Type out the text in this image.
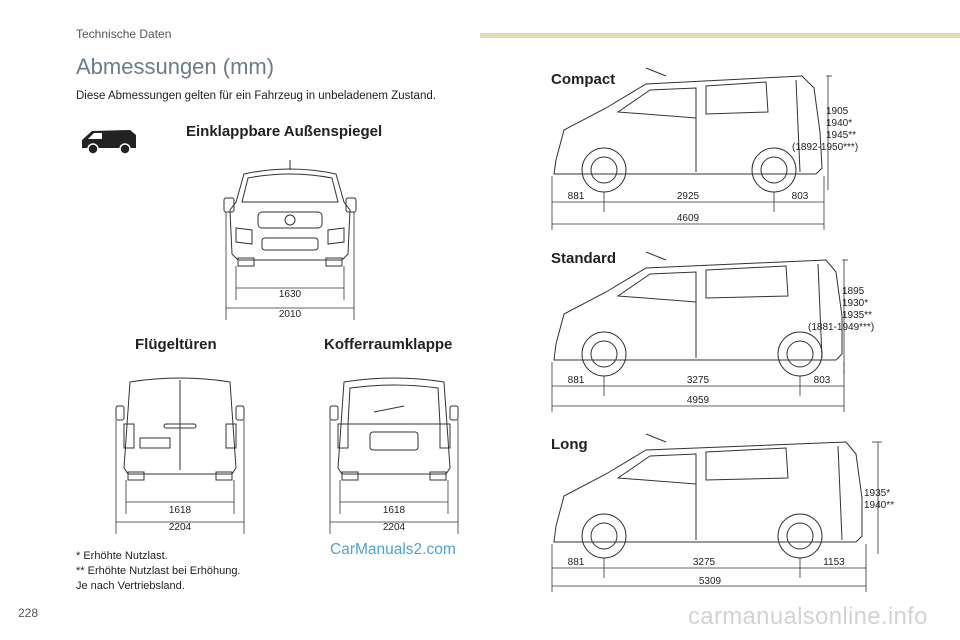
Technische Daten
Abmessungen (mm)
Diese Abmessungen gelten für ein Fahrzeug in unbeladenem Zustand.
Einklappbare Außenspiegel
1630
2010
Flügeltüren	Kofferraumklappe
1618
2204
1618
2204
Compact
881	2925	803
4609
1905
1940*
1945**
(1892-1950***)
Standard
881	3275	803
4959
1895
1930*
1935**
(1881-1949***)
Long
881	3275	1153
5309
1935*
1940**
* Erhöhte Nutzlast.
** Erhöhte Nutzlast bei Erhöhung.
Je nach Vertriebsland.
CarManuals2.com
228	carmanualsonline.info
